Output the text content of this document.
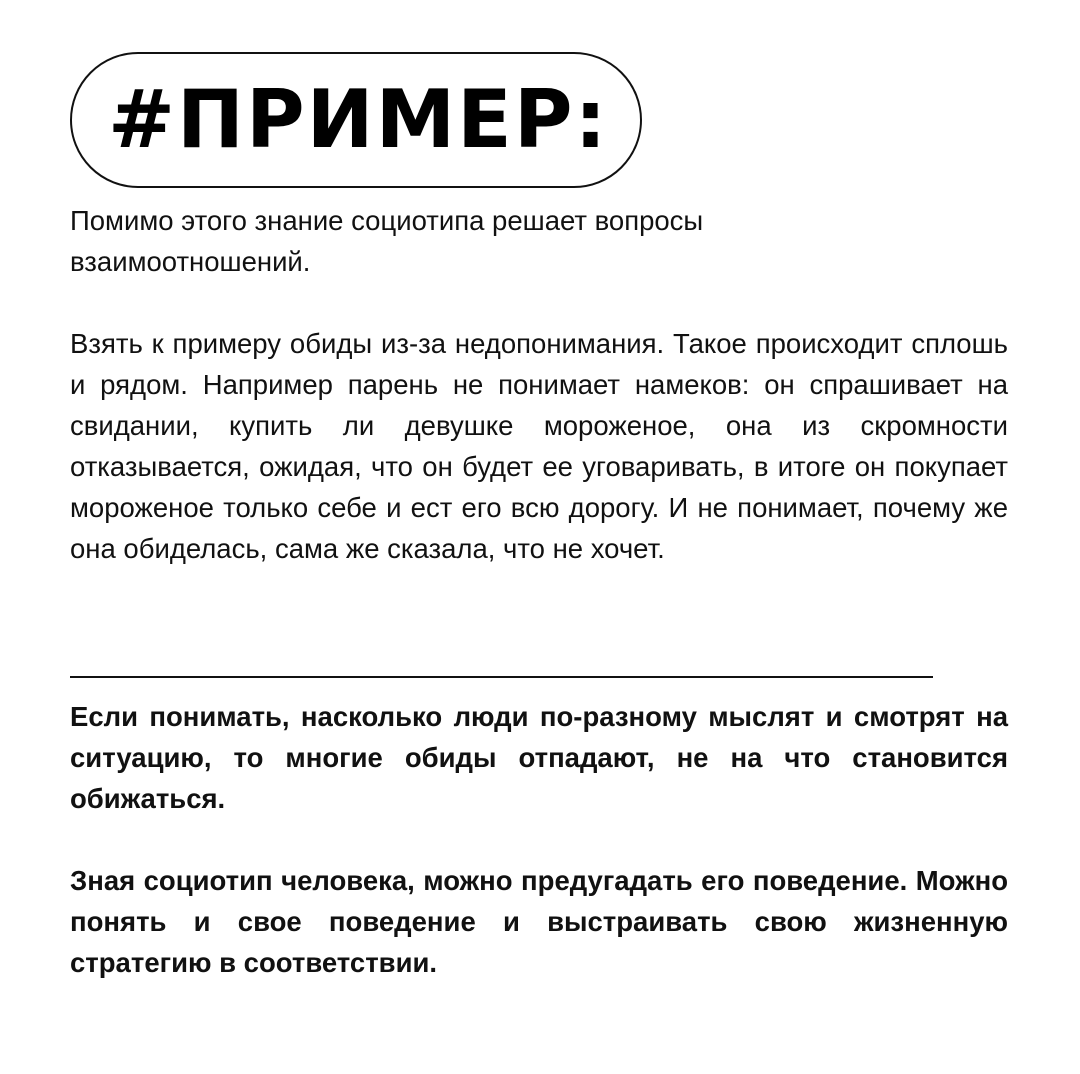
#ПРИМЕР:

Помимо этого знание социотипа решает вопросы взаимоотношений.

Взять к примеру обиды из-за недопонимания. Такое происходит сплошь и рядом. Например парень не понимает намеков: он спрашивает на свидании, купить ли девушке мороженое, она из скромности отказывается, ожидая, что он будет ее уговаривать, в итоге он покупает мороженое только себе и ест его всю дорогу. И не понимает, почему же она обиделась, сама же сказала, что не хочет.

Если понимать, насколько люди по-разному мыслят и смотрят на ситуацию, то многие обиды отпадают, не на что становится обижаться.

Зная социотип человека, можно предугадать его поведение. Можно понять и свое поведение и выстраивать свою жизненную стратегию в соответствии.
